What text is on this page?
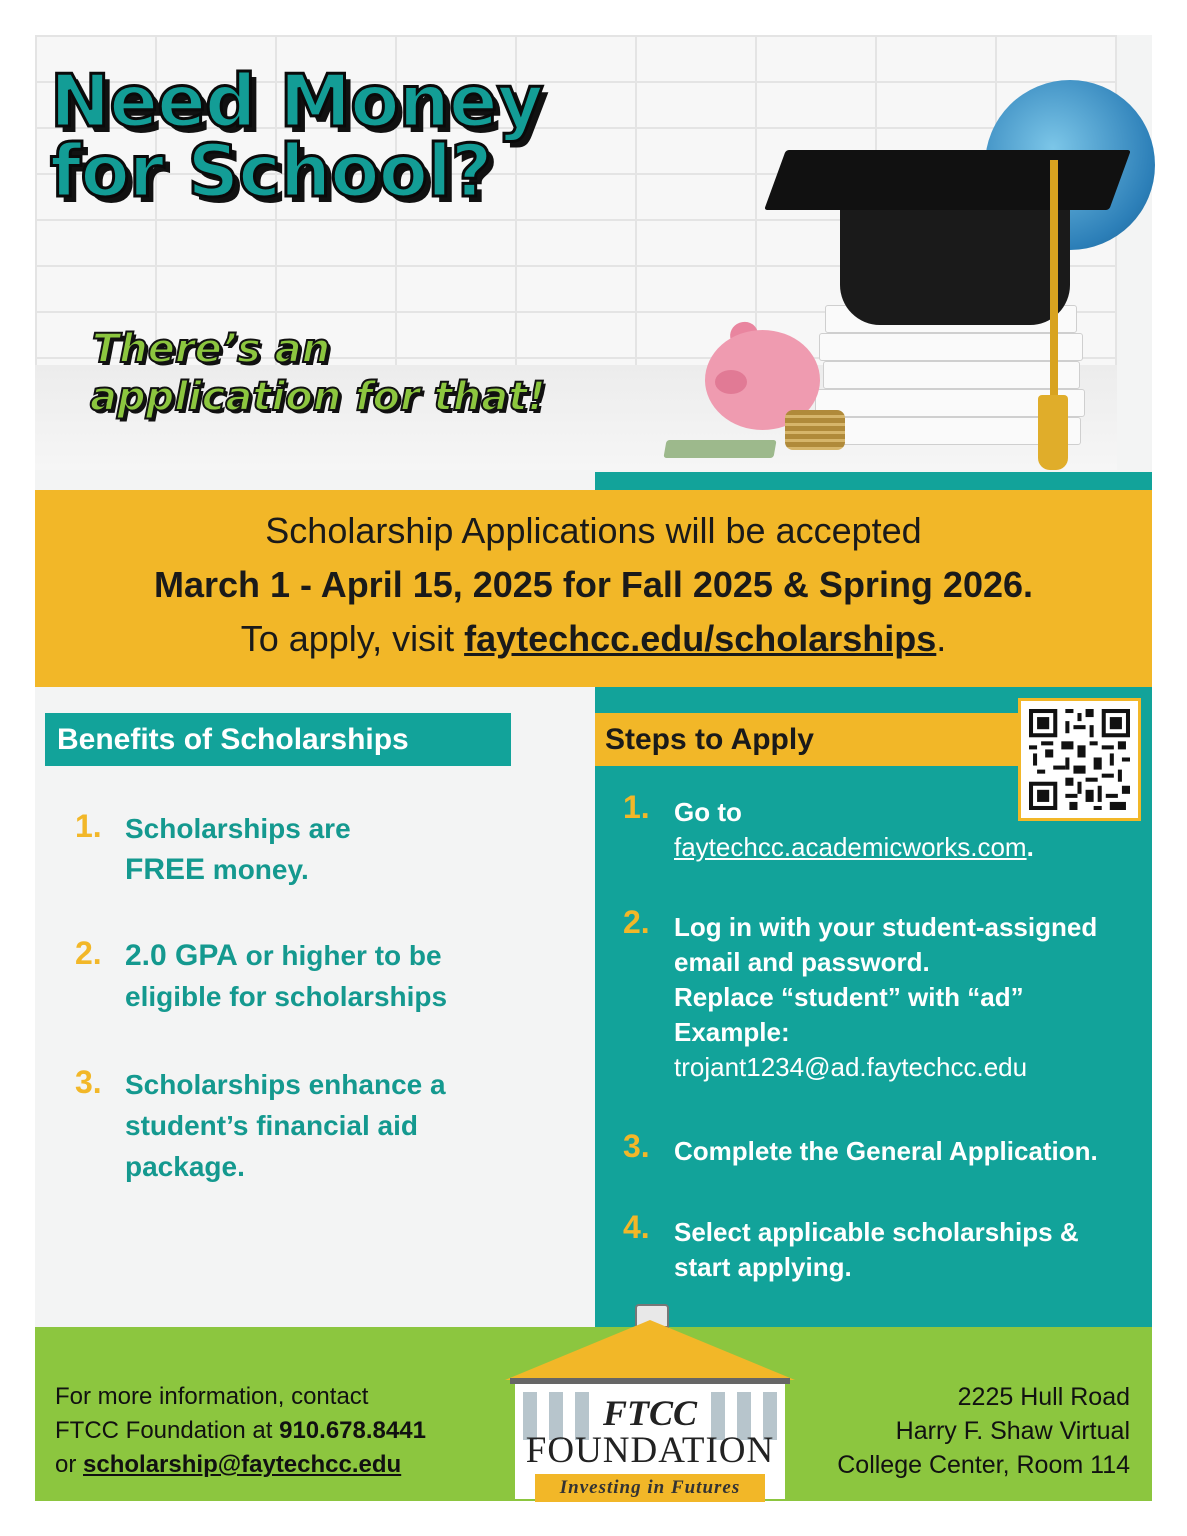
Need Money
for School?
There’s an
application for that!

Scholarship Applications will be accepted

March 1 - April 15, 2025 for Fall 2025 & Spring 2026.

To apply, visit faytechcc.edu/scholarships.

Benefits of Scholarships
1. Scholarships are
FREE money.
2. 2.0 GPA or higher to be eligible for scholarships
3. Scholarships enhance a student’s financial aid package.
Steps to Apply
1. Go to
faytechcc.academicworks.com.
2. Log in with your student-assigned
email and password.
Replace “student” with “ad”
Example:
trojant1234@ad.faytechcc.edu
3. Complete the General Application.
4. Select applicable scholarships &
start applying.
For more information, contact
FTCC Foundation at 910.678.8441
or scholarship@faytechcc.edu
2225 Hull Road
Harry F. Shaw Virtual
College Center, Room 114
FTCC
FOUNDATION
Investing in Futures
